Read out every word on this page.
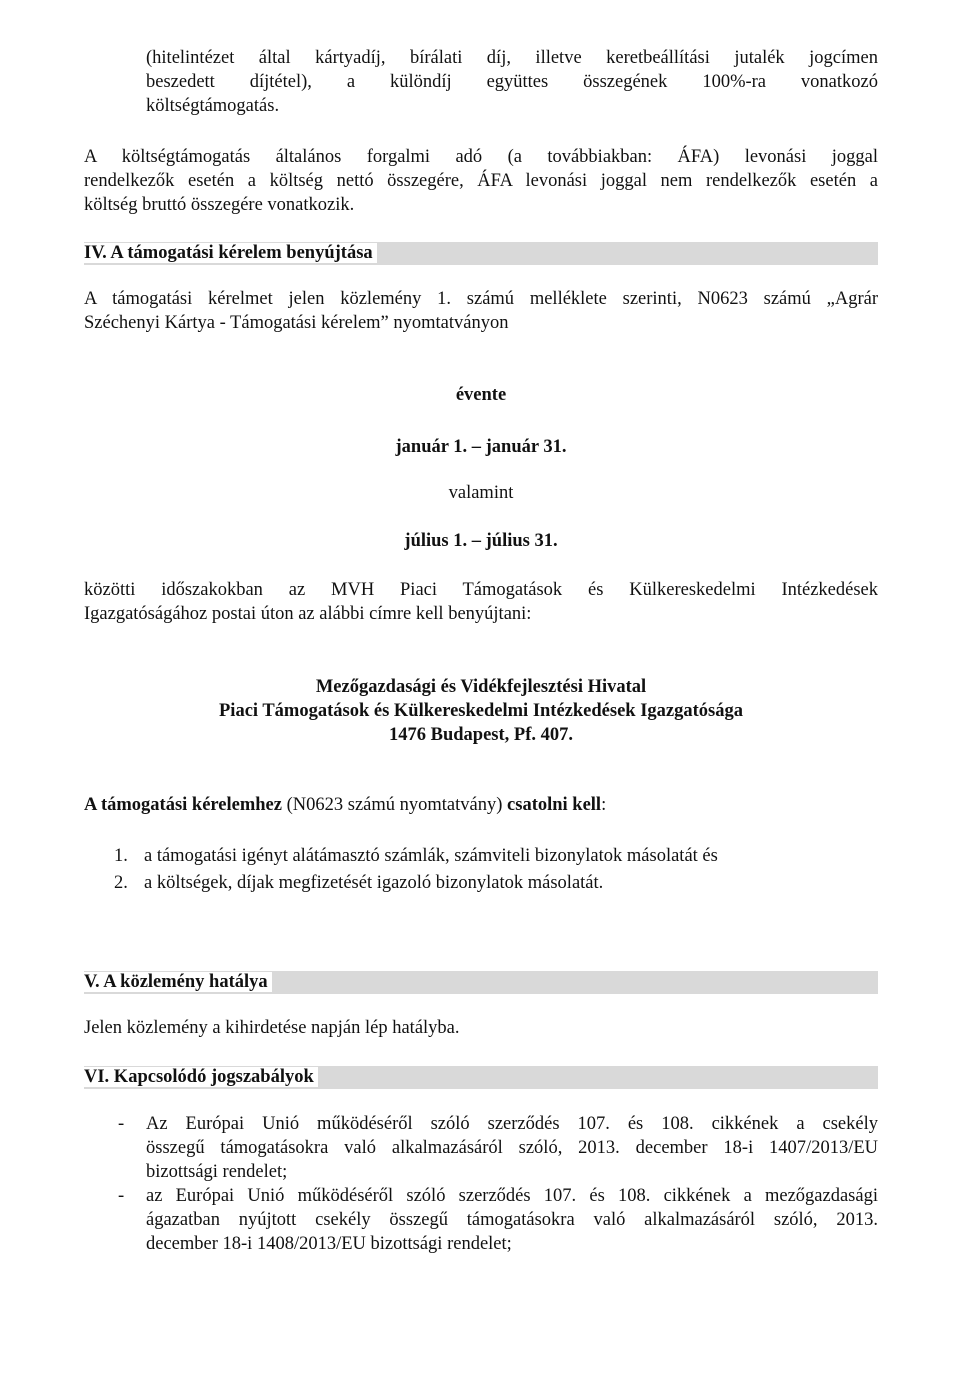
(hitelintézet által kártyadíj, bírálati díj, illetve keretbeállítási jutalék jogcímen
beszedett díjtétel), a különdíj együttes összegének 100%-ra vonatkozó
költségtámogatás.
A költségtámogatás általános forgalmi adó (a továbbiakban: ÁFA) levonási joggal
rendelkezők esetén a költség nettó összegére, ÁFA levonási joggal nem rendelkezők esetén a
költség bruttó összegére vonatkozik.
IV. A támogatási kérelem benyújtása
A támogatási kérelmet jelen közlemény 1. számú melléklete szerinti, N0623 számú „Agrár
Széchenyi Kártya - Támogatási kérelem” nyomtatványon
évente
január 1. – január 31.
valamint
július 1. – július 31.
közötti időszakokban az MVH Piaci Támogatások és Külkereskedelmi Intézkedések
Igazgatóságához postai úton az alábbi címre kell benyújtani:
Mezőgazdasági és Vidékfejlesztési Hivatal
Piaci Támogatások és Külkereskedelmi Intézkedések Igazgatósága
1476 Budapest, Pf. 407.
A támogatási kérelemhez (N0623 számú nyomtatvány) csatolni kell:
1. a támogatási igényt alátámasztó számlák, számviteli bizonylatok másolatát és
2. a költségek, díjak megfizetését igazoló bizonylatok másolatát.
V. A közlemény hatálya
Jelen közlemény a kihirdetése napján lép hatályba.
VI. Kapcsolódó jogszabályok
- Az Európai Unió működéséről szóló szerződés 107. és 108. cikkének a csekély
összegű támogatásokra való alkalmazásáról szóló, 2013. december 18-i 1407/2013/EU
bizottsági rendelet;
- az Európai Unió működéséről szóló szerződés 107. és 108. cikkének a mezőgazdasági
ágazatban nyújtott csekély összegű támogatásokra való alkalmazásáról szóló, 2013.
december 18-i 1408/2013/EU bizottsági rendelet;
